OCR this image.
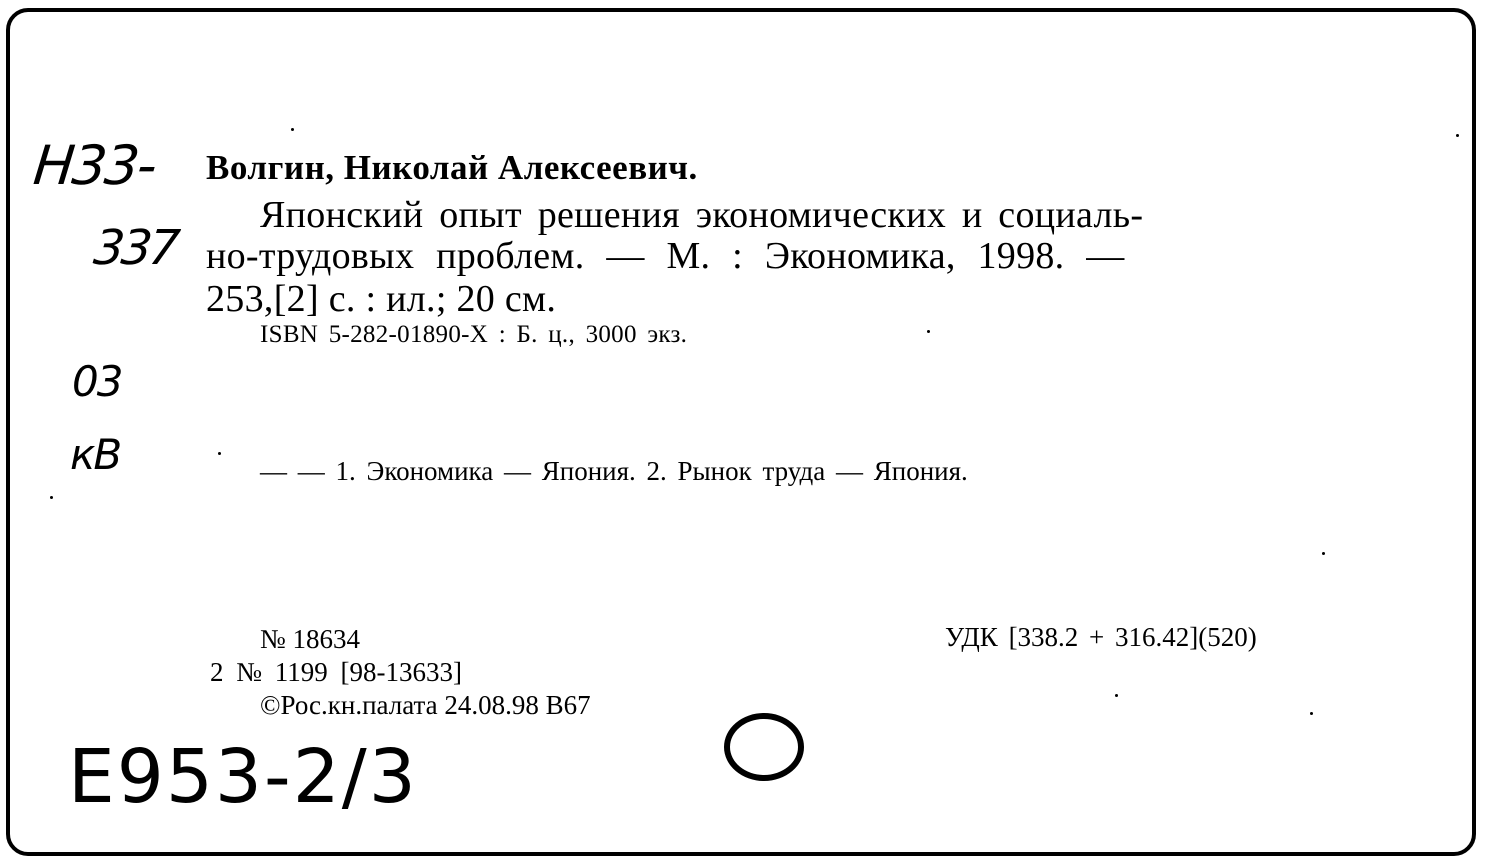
Н33-
337
03
кВ
Е953-2/3
Волгин, Николай Алексеевич.
Японский опыт решения экономических и социаль-
но-трудовых проблем. — М. : Экономика, 1998. —
253,[2] с. : ил.; 20 см.
ISBN 5-282-01890-X : Б. ц., 3000 экз.
— — 1. Экономика — Япония. 2. Рынок труда — Япония.
№ 18634
2 № 1199 [98-13633]
©Рос.кн.палата 24.08.98 В67
УДК [338.2 + 316.42](520)
